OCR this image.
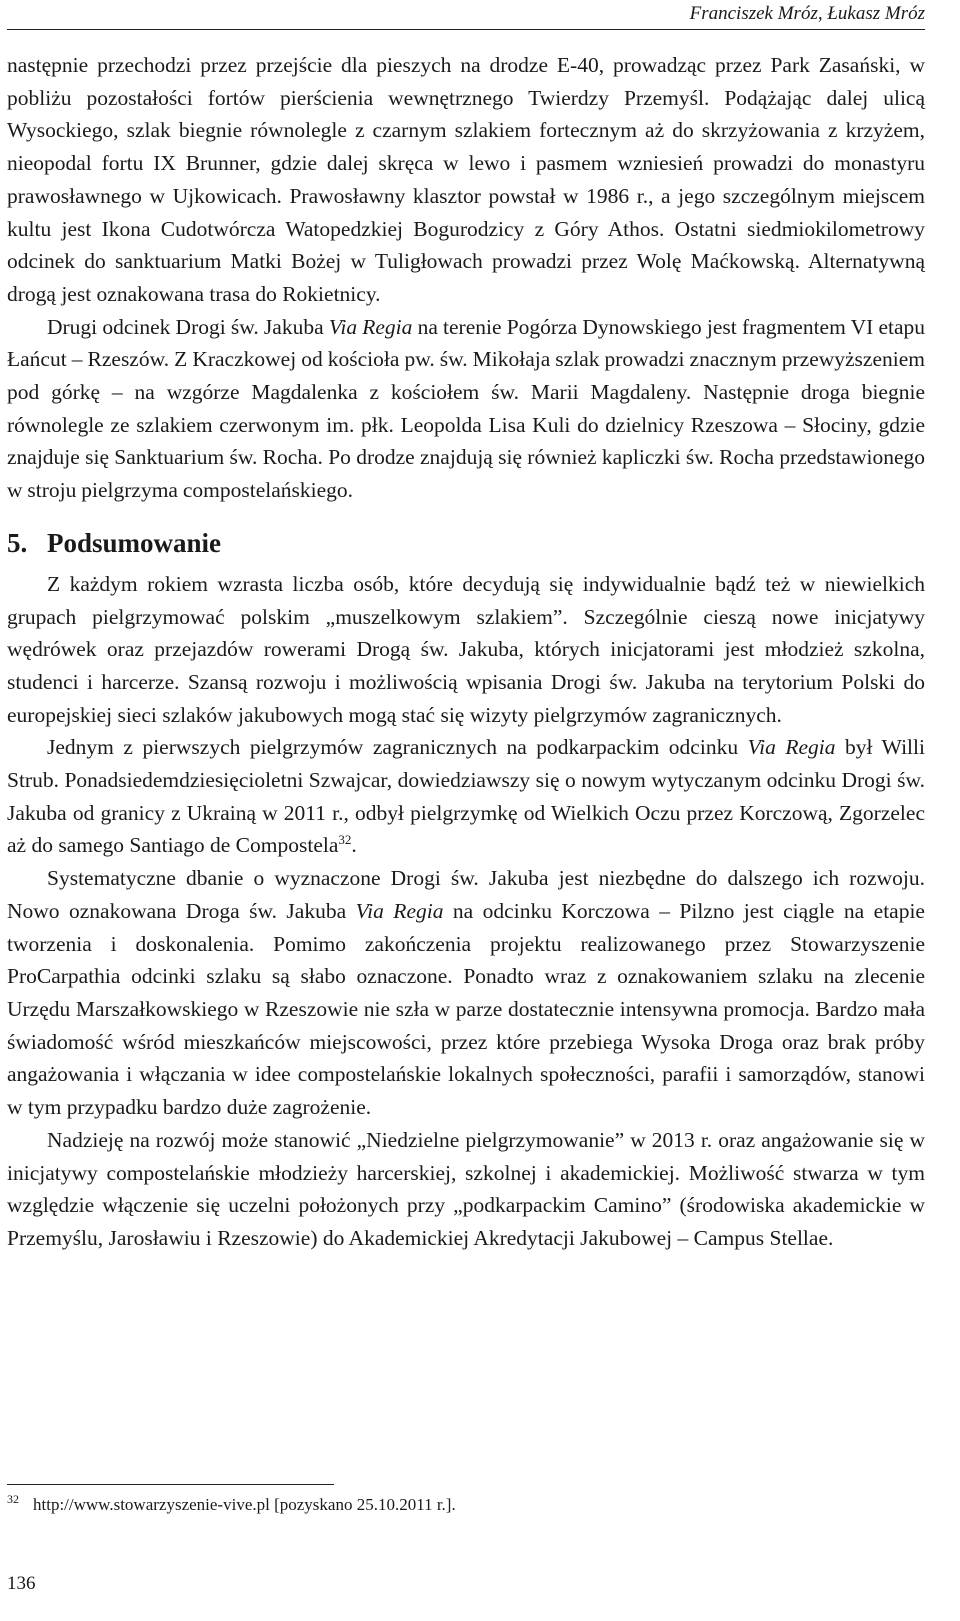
Franciszek Mróz, Łukasz Mróz

następnie przechodzi przez przejście dla pieszych na drodze E-40, prowadząc przez Park Zasański, w pobliżu pozostałości fortów pierścienia wewnętrznego Twierdzy Przemyśl. Podążając dalej ulicą Wysockiego, szlak biegnie równolegle z czarnym szlakiem fortecznym aż do skrzyżowania z krzyżem, nieopodal fortu IX Brunner, gdzie dalej skręca w lewo i pasmem wzniesień prowadzi do monastyru prawosławnego w Ujkowicach. Prawosławny klasztor powstał w 1986 r., a jego szczególnym miejscem kultu jest Ikona Cudotwórcza Watopedzkiej Bogurodzicy z Góry Athos. Ostatni siedmiokilometrowy odcinek do sanktuarium Matki Bożej w Tuligłowach prowadzi przez Wolę Maćkowską. Alternatywną drogą jest oznakowana trasa do Rokietnicy.

Drugi odcinek Drogi św. Jakuba Via Regia na terenie Pogórza Dynowskiego jest fragmentem VI etapu Łańcut – Rzeszów. Z Kraczkowej od kościoła pw. św. Mikołaja szlak prowadzi znacznym przewyższeniem pod górkę – na wzgórze Magdalenka z kościołem św. Marii Magdaleny. Następnie droga biegnie równolegle ze szlakiem czerwonym im. płk. Leopolda Lisa Kuli do dzielnicy Rzeszowa – Słociny, gdzie znajduje się Sanktuarium św. Rocha. Po drodze znajdują się również kapliczki św. Rocha przedstawionego w stroju pielgrzyma compostelańskiego.

5. Podsumowanie

Z każdym rokiem wzrasta liczba osób, które decydują się indywidualnie bądź też w niewielkich grupach pielgrzymować polskim „muszelkowym szlakiem”. Szczególnie cieszą nowe inicjatywy wędrówek oraz przejazdów rowerami Drogą św. Jakuba, których inicjatorami jest młodzież szkolna, studenci i harcerze. Szansą rozwoju i możliwością wpisania Drogi św. Jakuba na terytorium Polski do europejskiej sieci szlaków jakubowych mogą stać się wizyty pielgrzymów zagranicznych.

Jednym z pierwszych pielgrzymów zagranicznych na podkarpackim odcinku Via Regia był Willi Strub. Ponadsiedemdziesięcioletni Szwajcar, dowiedziawszy się o nowym wytyczanym odcinku Drogi św. Jakuba od granicy z Ukrainą w 2011 r., odbył pielgrzymkę od Wielkich Oczu przez Korczową, Zgorzelec aż do samego Santiago de Compostela$^{32}$.

Systematyczne dbanie o wyznaczone Drogi św. Jakuba jest niezbędne do dalszego ich rozwoju. Nowo oznakowana Droga św. Jakuba Via Regia na odcinku Korczowa – Pilzno jest ciągle na etapie tworzenia i doskonalenia. Pomimo zakończenia projektu realizowanego przez Stowarzyszenie ProCarpathia odcinki szlaku są słabo oznaczone. Ponadto wraz z oznakowaniem szlaku na zlecenie Urzędu Marszałkowskiego w Rzeszowie nie szła w parze dostatecznie intensywna promocja. Bardzo mała świadomość wśród mieszkańców miejscowości, przez które przebiega Wysoka Droga oraz brak próby angażowania i włączania w idee compostelańskie lokalnych społeczności, parafii i samorządów, stanowi w tym przypadku bardzo duże zagrożenie.

Nadzieję na rozwój może stanowić „Niedzielne pielgrzymowanie” w 2013 r. oraz angażowanie się w inicjatywy compostelańskie młodzieży harcerskiej, szkolnej i akademickiej. Możliwość stwarza w tym względzie włączenie się uczelni położonych przy „podkarpackim Camino” (środowiska akademickie w Przemyślu, Jarosławiu i Rzeszowie) do Akademickiej Akredytacji Jakubowej – Campus Stellae.

32 http://www.stowarzyszenie-vive.pl [pozyskano 25.10.2011 r.].
136
